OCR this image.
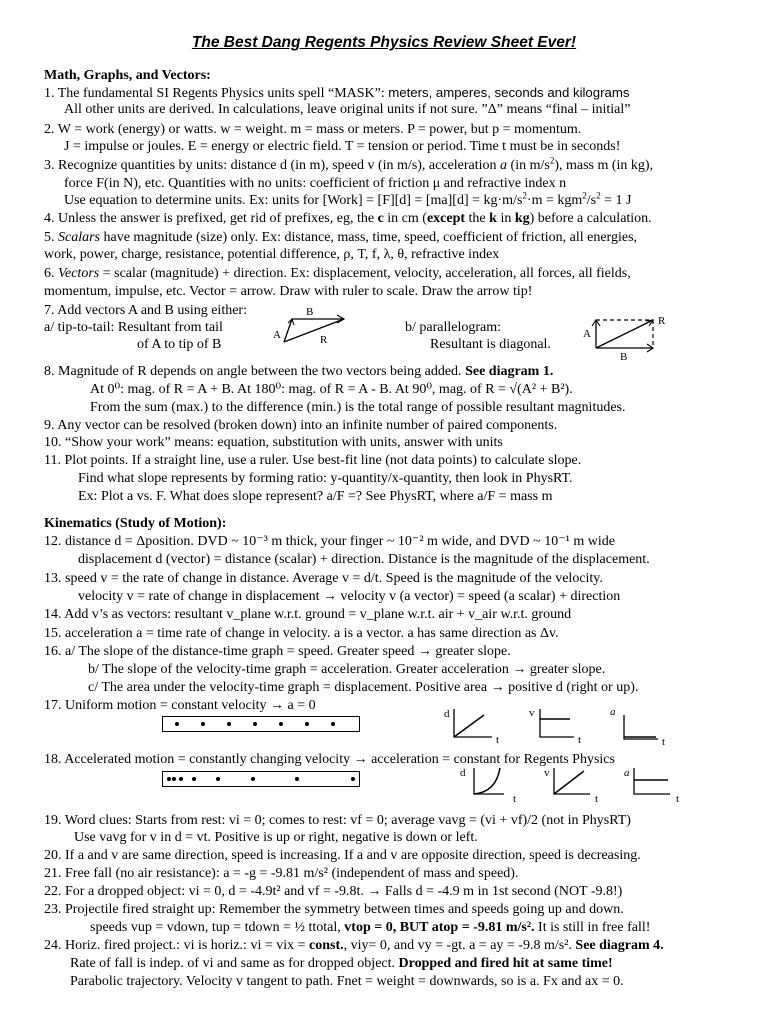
The Best Dang Regents Physics Review Sheet Ever!
Math, Graphs, and Vectors:
1. The fundamental SI Regents Physics units spell “MASK”: meters, amperes, seconds and kilograms
All other units are derived. In calculations, leave original units if not sure. ”Δ” means “final – initial”
2. W = work (energy) or watts. w = weight. m = mass or meters. P = power, but p = momentum.
J = impulse or joules. E = energy or electric field. T = tension or period. Time t must be in seconds!
3. Recognize quantities by units: distance d (in m), speed v (in m/s), acceleration a (in $m/s^2$), mass m (in kg),
force F(in N), etc. Quantities with no units: coefficient of friction μ and refractive index n
Use equation to determine units. Ex: units for [Work] = $[F][d] = [ma][d] = kg\cdot m/s^2\cdot m = kgm^2/s^2 = 1$ J
4. Unless the answer is prefixed, get rid of prefixes, eg, the c in cm (except the k in kg) before a calculation.
5. Scalars have magnitude (size) only. Ex: distance, mass, time, speed, coefficient of friction, all energies,
work, power, charge, resistance, potential difference, ρ, T, f, λ, θ, refractive index
6. Vectors = scalar (magnitude) + direction. Ex: displacement, velocity, acceleration, all forces, all fields,
momentum, impulse, etc. Vector = arrow. Draw with ruler to scale. Draw the arrow tip!
7. Add vectors A and B using either:
a/ tip-to-tail: Resultant from tail
of A to tip of B
b/ parallelogram:
Resultant is diagonal.
B
A	R	A
B
R
8. Magnitude of R depends on angle between the two vectors being added. See diagram 1.
At 0⁰: mag. of R = A + B. At 180⁰: mag. of R = A - B. At 90⁰, mag. of R = √(A² + B²).
From the sum (max.) to the difference (min.) is the total range of possible resultant magnitudes.
9. Any vector can be resolved (broken down) into an infinite number of paired components.
10. “Show your work” means: equation, substitution with units, answer with units
11. Plot points. If a straight line, use a ruler. Use best-fit line (not data points) to calculate slope.
Find what slope represents by forming ratio: y-quantity/x-quantity, then look in PhysRT.
Ex: Plot a vs. F. What does slope represent? a/F =? See PhysRT, where a/F = mass m
Kinematics (Study of Motion):
12. distance d = Δposition. DVD ~ 10⁻³ m thick, your finger ~ 10⁻² m wide, and DVD ~ 10⁻¹ m wide
displacement d (vector) = distance (scalar) + direction. Distance is the magnitude of the displacement.
13. speed v = the rate of change in distance. Average v = d/t. Speed is the magnitude of the velocity.
velocity v = rate of change in displacement → velocity v (a vector) = speed (a scalar) + direction
14. Add v’s as vectors: resultant v_plane w.r.t. ground = v_plane w.r.t. air + v_air w.r.t. ground
15. acceleration a = time rate of change in velocity. a is a vector. a has same direction as Δv.
16. a/ The slope of the distance-time graph = speed. Greater speed → greater slope.
b/ The slope of the velocity-time graph = acceleration. Greater acceleration → greater slope.
c/ The area under the velocity-time graph = displacement. Positive area → positive d (right or up).
17. Uniform motion = constant velocity → a = 0
d
t
v
t
a
t
18. Accelerated motion = constantly changing velocity → acceleration = constant for Regents Physics
d
t
v
t
a
t
19. Word clues: Starts from rest: vi = 0; comes to rest: vf = 0; average vavg = (vi + vf)/2 (not in PhysRT)
Use vavg for v in d = vt. Positive is up or right, negative is down or left.
20. If a and v are same direction, speed is increasing. If a and v are opposite direction, speed is decreasing.
21. Free fall (no air resistance): a = -g = -9.81 m/s² (independent of mass and speed).
22. For a dropped object: vi = 0, d = -4.9t² and vf = -9.8t. → Falls d = -4.9 m in 1st second (NOT -9.8!)
23. Projectile fired straight up: Remember the symmetry between times and speeds going up and down.
speeds vup = vdown, tup = tdown = ½ ttotal, vtop = 0, BUT atop = -9.81 m/s². It is still in free fall!
24. Horiz. fired project.: vi is horiz.: vi = vix = const., viy= 0, and vy = -gt. a = ay = -9.8 m/s². See diagram 4.
Rate of fall is indep. of vi and same as for dropped object. Dropped and fired hit at same time!
Parabolic trajectory. Velocity v tangent to path. Fnet = weight = downwards, so is a. Fx and ax = 0.
